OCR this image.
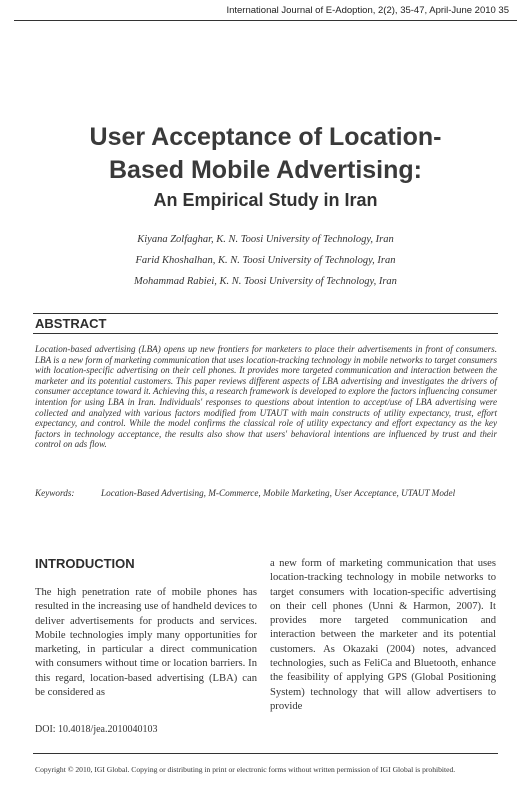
International Journal of E-Adoption, 2(2), 35-47, April-June 2010 35
User Acceptance of Location-
Based Mobile Advertising:
An Empirical Study in Iran
Kiyana Zolfaghar, K. N. Toosi University of Technology, Iran
Farid Khoshalhan, K. N. Toosi University of Technology, Iran
Mohammad Rabiei, K. N. Toosi University of Technology, Iran
ABSTRACT
Location-based advertising (LBA) opens up new frontiers for marketers to place their advertisements in front of consumers. LBA is a new form of marketing communication that uses location-tracking technology in mobile networks to target consumers with location-specific advertising on their cell phones. It provides more targeted communication and interaction between the marketer and its potential customers. This paper reviews different aspects of LBA advertising and investigates the drivers of consumer acceptance toward it. Achieving this, a research framework is developed to explore the factors influencing consumer intention for using LBA in Iran. Individuals' responses to questions about intention to accept/use of LBA advertising were collected and analyzed with various factors modified from UTAUT with main constructs of utility expectancy, trust, effort expectancy, and control. While the model confirms the classical role of utility expectancy and effort expectancy as the key factors in technology acceptance, the results also show that users' behavioral intentions are influenced by trust and their control on ads flow.
Keywords:	Location-Based Advertising, M-Commerce, Mobile Marketing, User Acceptance, UTAUT Model
INTRODUCTION
The high penetration rate of mobile phones has resulted in the increasing use of handheld devices to deliver advertisements for products and services. Mobile technologies imply many opportunities for marketing, in particular a direct communication with consumers without time or location barriers. In this regard, location-based advertising (LBA) can be considered as
a new form of marketing communication that uses location-tracking technology in mobile networks to target consumers with location-specific advertising on their cell phones (Unni & Harmon, 2007). It provides more targeted communication and interaction between the marketer and its potential customers. As Okazaki (2004) notes, advanced technologies, such as FeliCa and Bluetooth, enhance the feasibility of applying GPS (Global Positioning System) technology that will allow advertisers to provide
DOI: 10.4018/jea.2010040103
Copyright © 2010, IGI Global. Copying or distributing in print or electronic forms without written permission of IGI Global is prohibited.
